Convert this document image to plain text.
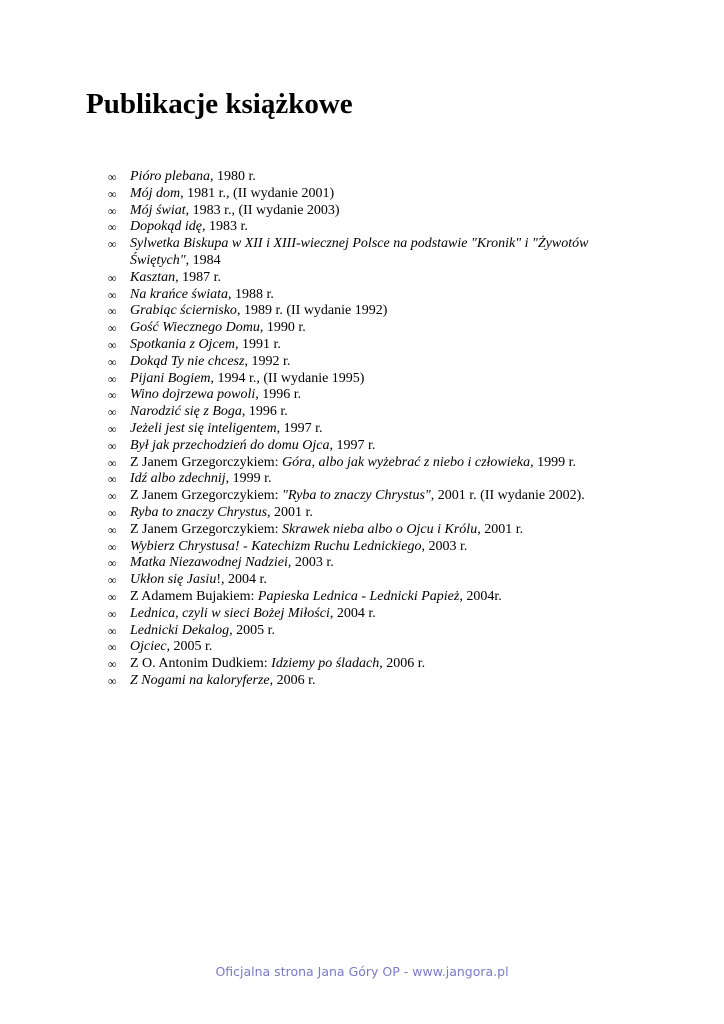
Publikacje książkowe
∞ Pióro plebana, 1980 r.
∞ Mój dom, 1981 r., (II wydanie 2001)
∞ Mój świat, 1983 r., (II wydanie 2003)
∞ Dopokąd idę, 1983 r.
∞ Sylwetka Biskupa w XII i XIII-wiecznej Polsce na podstawie "Kronik" i "Żywotów Świętych", 1984
∞ Kasztan, 1987 r.
∞ Na krańce świata, 1988 r.
∞ Grabiąc ściernisko, 1989 r. (II wydanie 1992)
∞ Gość Wiecznego Domu, 1990 r.
∞ Spotkania z Ojcem, 1991 r.
∞ Dokąd Ty nie chcesz, 1992 r.
∞ Pijani Bogiem, 1994 r., (II wydanie 1995)
∞ Wino dojrzewa powoli, 1996 r.
∞ Narodzić się z Boga, 1996 r.
∞ Jeżeli jest się inteligentem, 1997 r.
∞ Był jak przechodzień do domu Ojca, 1997 r.
∞ Z Janem Grzegorczykiem: Góra, albo jak wyżebrać z niebo i człowieka, 1999 r.
∞ Idź albo zdechnij, 1999 r.
∞ Z Janem Grzegorczykiem: "Ryba to znaczy Chrystus", 2001 r. (II wydanie 2002).
∞ Ryba to znaczy Chrystus, 2001 r.
∞ Z Janem Grzegorczykiem: Skrawek nieba albo o Ojcu i Królu, 2001 r.
∞ Wybierz Chrystusa! - Katechizm Ruchu Lednickiego, 2003 r.
∞ Matka Niezawodnej Nadziei, 2003 r.
∞ Ukłon się Jasiu!, 2004 r.
∞ Z Adamem Bujakiem: Papieska Lednica - Lednicki Papież, 2004r.
∞ Lednica, czyli w sieci Bożej Miłości, 2004 r.
∞ Lednicki Dekalog, 2005 r.
∞ Ojciec, 2005 r.
∞ Z O. Antonim Dudkiem: Idziemy po śladach, 2006 r.
∞ Z Nogami na kaloryferze, 2006 r.
Oficjalna strona Jana Góry OP - www.jangora.pl
